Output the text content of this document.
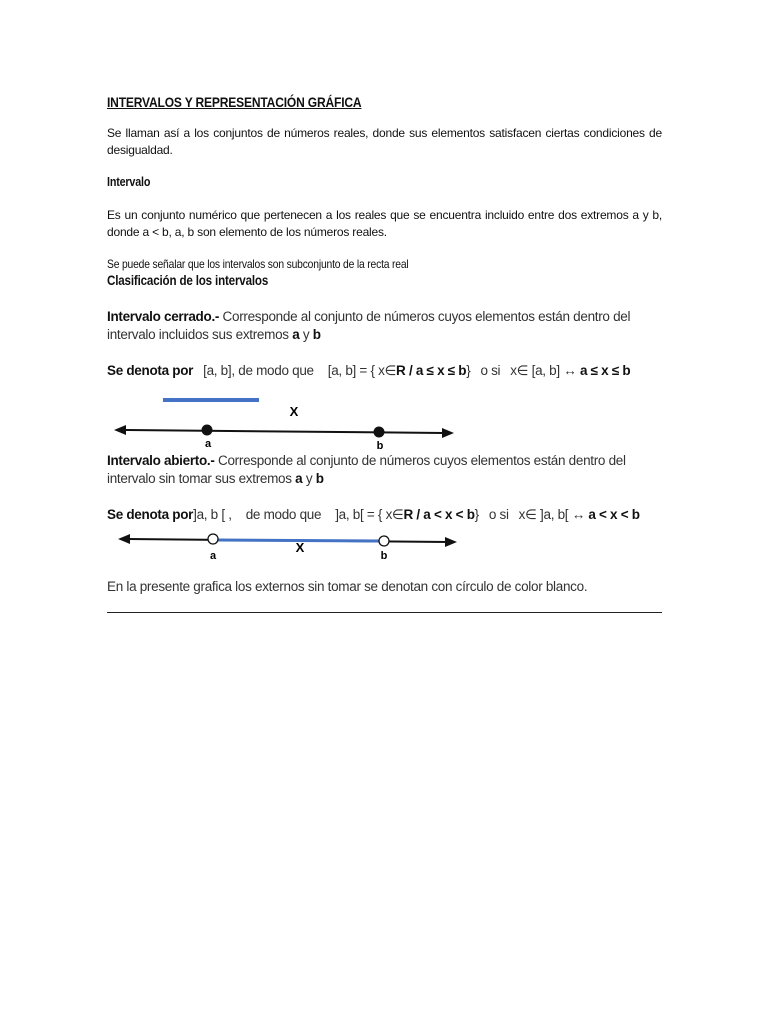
INTERVALOS Y REPRESENTACIÓN GRÁFICA
Se llaman así a los conjuntos de números reales, donde sus elementos satisfacen ciertas condiciones de desigualdad.
Intervalo
Es un conjunto numérico que pertenecen a los reales que se encuentra incluido entre dos extremos a y b, donde a < b, a, b son elemento de los números reales.
Se puede señalar que los intervalos son subconjunto de la recta real
Clasificación de los intervalos
Intervalo cerrado.- Corresponde al conjunto de números cuyos elementos están dentro del intervalo incluidos sus extremos a y b
Se denota por [a, b], de modo que [a, b] = { x∈R / a ≤ x ≤ b} o si x∈ [a, b] ↔ a ≤ x ≤ b
X
a	b
Intervalo abierto.- Corresponde al conjunto de números cuyos elementos están dentro del intervalo sin tomar sus extremos a y b
Se denota por]a, b [ , de modo que ]a, b[ = { x∈R / a < x < b} o si x∈ ]a, b[ ↔ a < x < b
X
a	b
En la presente grafica los externos sin tomar se denotan con círculo de color blanco.
